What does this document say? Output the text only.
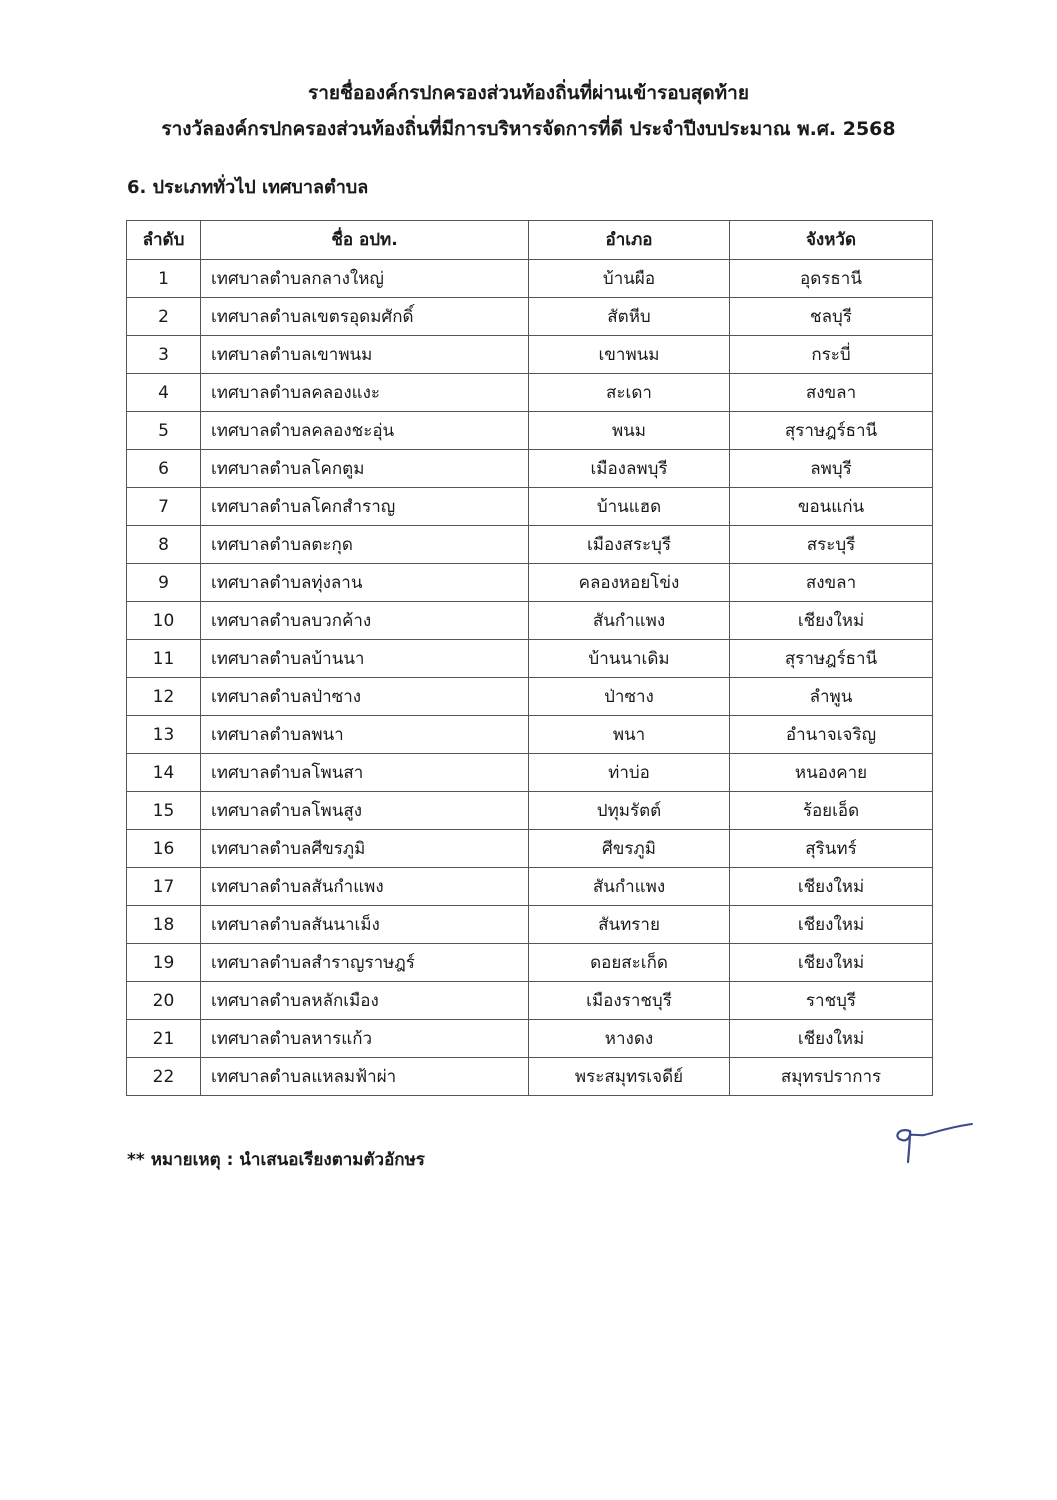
รายชื่อองค์กรปกครองส่วนท้องถิ่นที่ผ่านเข้ารอบสุดท้าย
รางวัลองค์กรปกครองส่วนท้องถิ่นที่มีการบริหารจัดการที่ดี ประจำปีงบประมาณ พ.ศ. 2568
6. ประเภททั่วไป เทศบาลตำบล
ลำดับ	ชื่อ อปท.	อำเภอ	จังหวัด
1	เทศบาลตำบลกลางใหญ่	บ้านผือ	อุดรธานี
2	เทศบาลตำบลเขตรอุดมศักดิ์	สัตหีบ	ชลบุรี
3	เทศบาลตำบลเขาพนม	เขาพนม	กระบี่
4	เทศบาลตำบลคลองแงะ	สะเดา	สงขลา
5	เทศบาลตำบลคลองชะอุ่น	พนม	สุราษฎร์ธานี
6	เทศบาลตำบลโคกตูม	เมืองลพบุรี	ลพบุรี
7	เทศบาลตำบลโคกสำราญ	บ้านแฮด	ขอนแก่น
8	เทศบาลตำบลตะกุด	เมืองสระบุรี	สระบุรี
9	เทศบาลตำบลทุ่งลาน	คลองหอยโข่ง	สงขลา
10	เทศบาลตำบลบวกค้าง	สันกำแพง	เชียงใหม่
11	เทศบาลตำบลบ้านนา	บ้านนาเดิม	สุราษฎร์ธานี
12	เทศบาลตำบลป่าซาง	ป่าซาง	ลำพูน
13	เทศบาลตำบลพนา	พนา	อำนาจเจริญ
14	เทศบาลตำบลโพนสา	ท่าบ่อ	หนองคาย
15	เทศบาลตำบลโพนสูง	ปทุมรัตต์	ร้อยเอ็ด
16	เทศบาลตำบลศีขรภูมิ	ศีขรภูมิ	สุรินทร์
17	เทศบาลตำบลสันกำแพง	สันกำแพง	เชียงใหม่
18	เทศบาลตำบลสันนาเม็ง	สันทราย	เชียงใหม่
19	เทศบาลตำบลสำราญราษฎร์	ดอยสะเก็ด	เชียงใหม่
20	เทศบาลตำบลหลักเมือง	เมืองราชบุรี	ราชบุรี
21	เทศบาลตำบลหารแก้ว	หางดง	เชียงใหม่
22	เทศบาลตำบลแหลมฟ้าผ่า	พระสมุทรเจดีย์	สมุทรปราการ
** หมายเหตุ : นำเสนอเรียงตามตัวอักษร
